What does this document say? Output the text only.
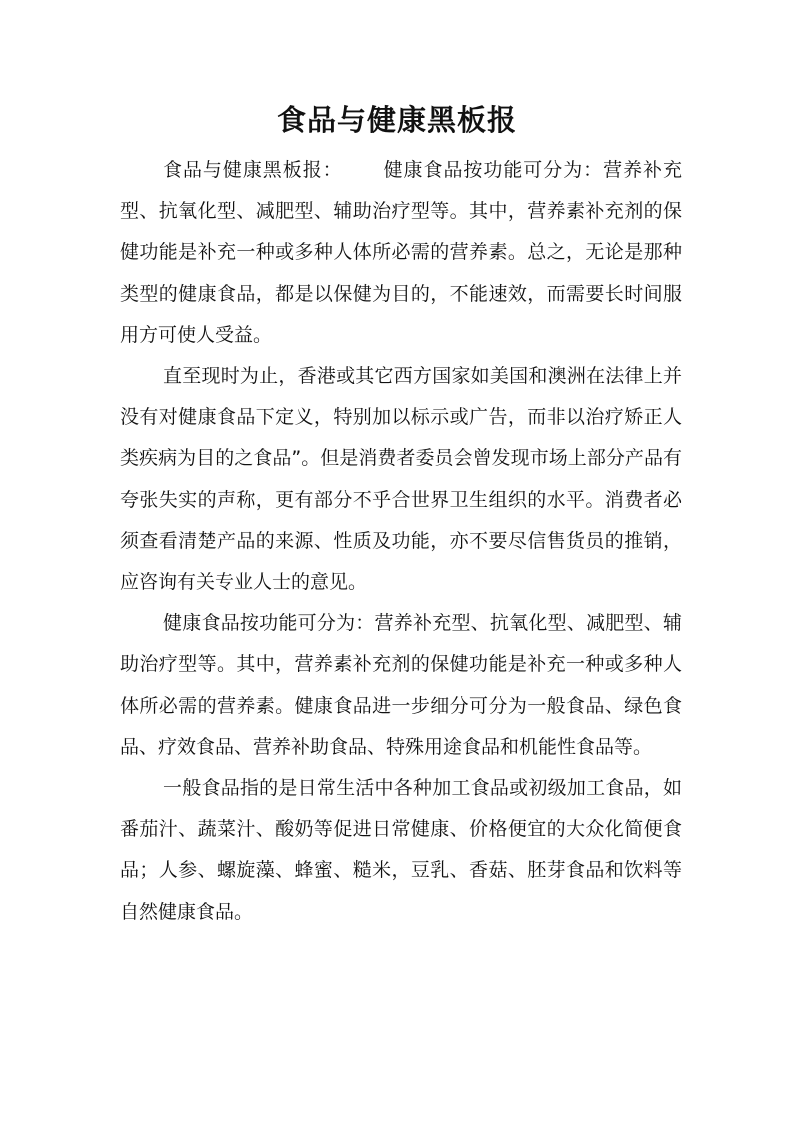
食品与健康黑板报

食品与健康黑板报： 健康食品按功能可分为：营养补充型、抗氧化型、减肥型、辅助治疗型等。其中，营养素补充剂的保健功能是补充一种或多种人体所必需的营养素。总之，无论是那种类型的健康食品，都是以保健为目的，不能速效，而需要长时间服用方可使人受益。

直至现时为止，香港或其它西方国家如美国和澳洲在法律上并没有对健康食品下定义，特别加以标示或广告，而非以治疗矫正人类疾病为目的之食品”。但是消费者委员会曾发现市场上部分产品有夸张失实的声称，更有部分不乎合世界卫生组织的水平。消费者必须查看清楚产品的来源、性质及功能，亦不要尽信售货员的推销，应咨询有关专业人士的意见。

健康食品按功能可分为：营养补充型、抗氧化型、减肥型、辅助治疗型等。其中，营养素补充剂的保健功能是补充一种或多种人体所必需的营养素。健康食品进一步细分可分为一般食品、绿色食品、疗效食品、营养补助食品、特殊用途食品和机能性食品等。

一般食品指的是日常生活中各种加工食品或初级加工食品，如番茄汁、蔬菜汁、酸奶等促进日常健康、价格便宜的大众化简便食品；人参、螺旋藻、蜂蜜、糙米，豆乳、香菇、胚芽食品和饮料等自然健康食品。
